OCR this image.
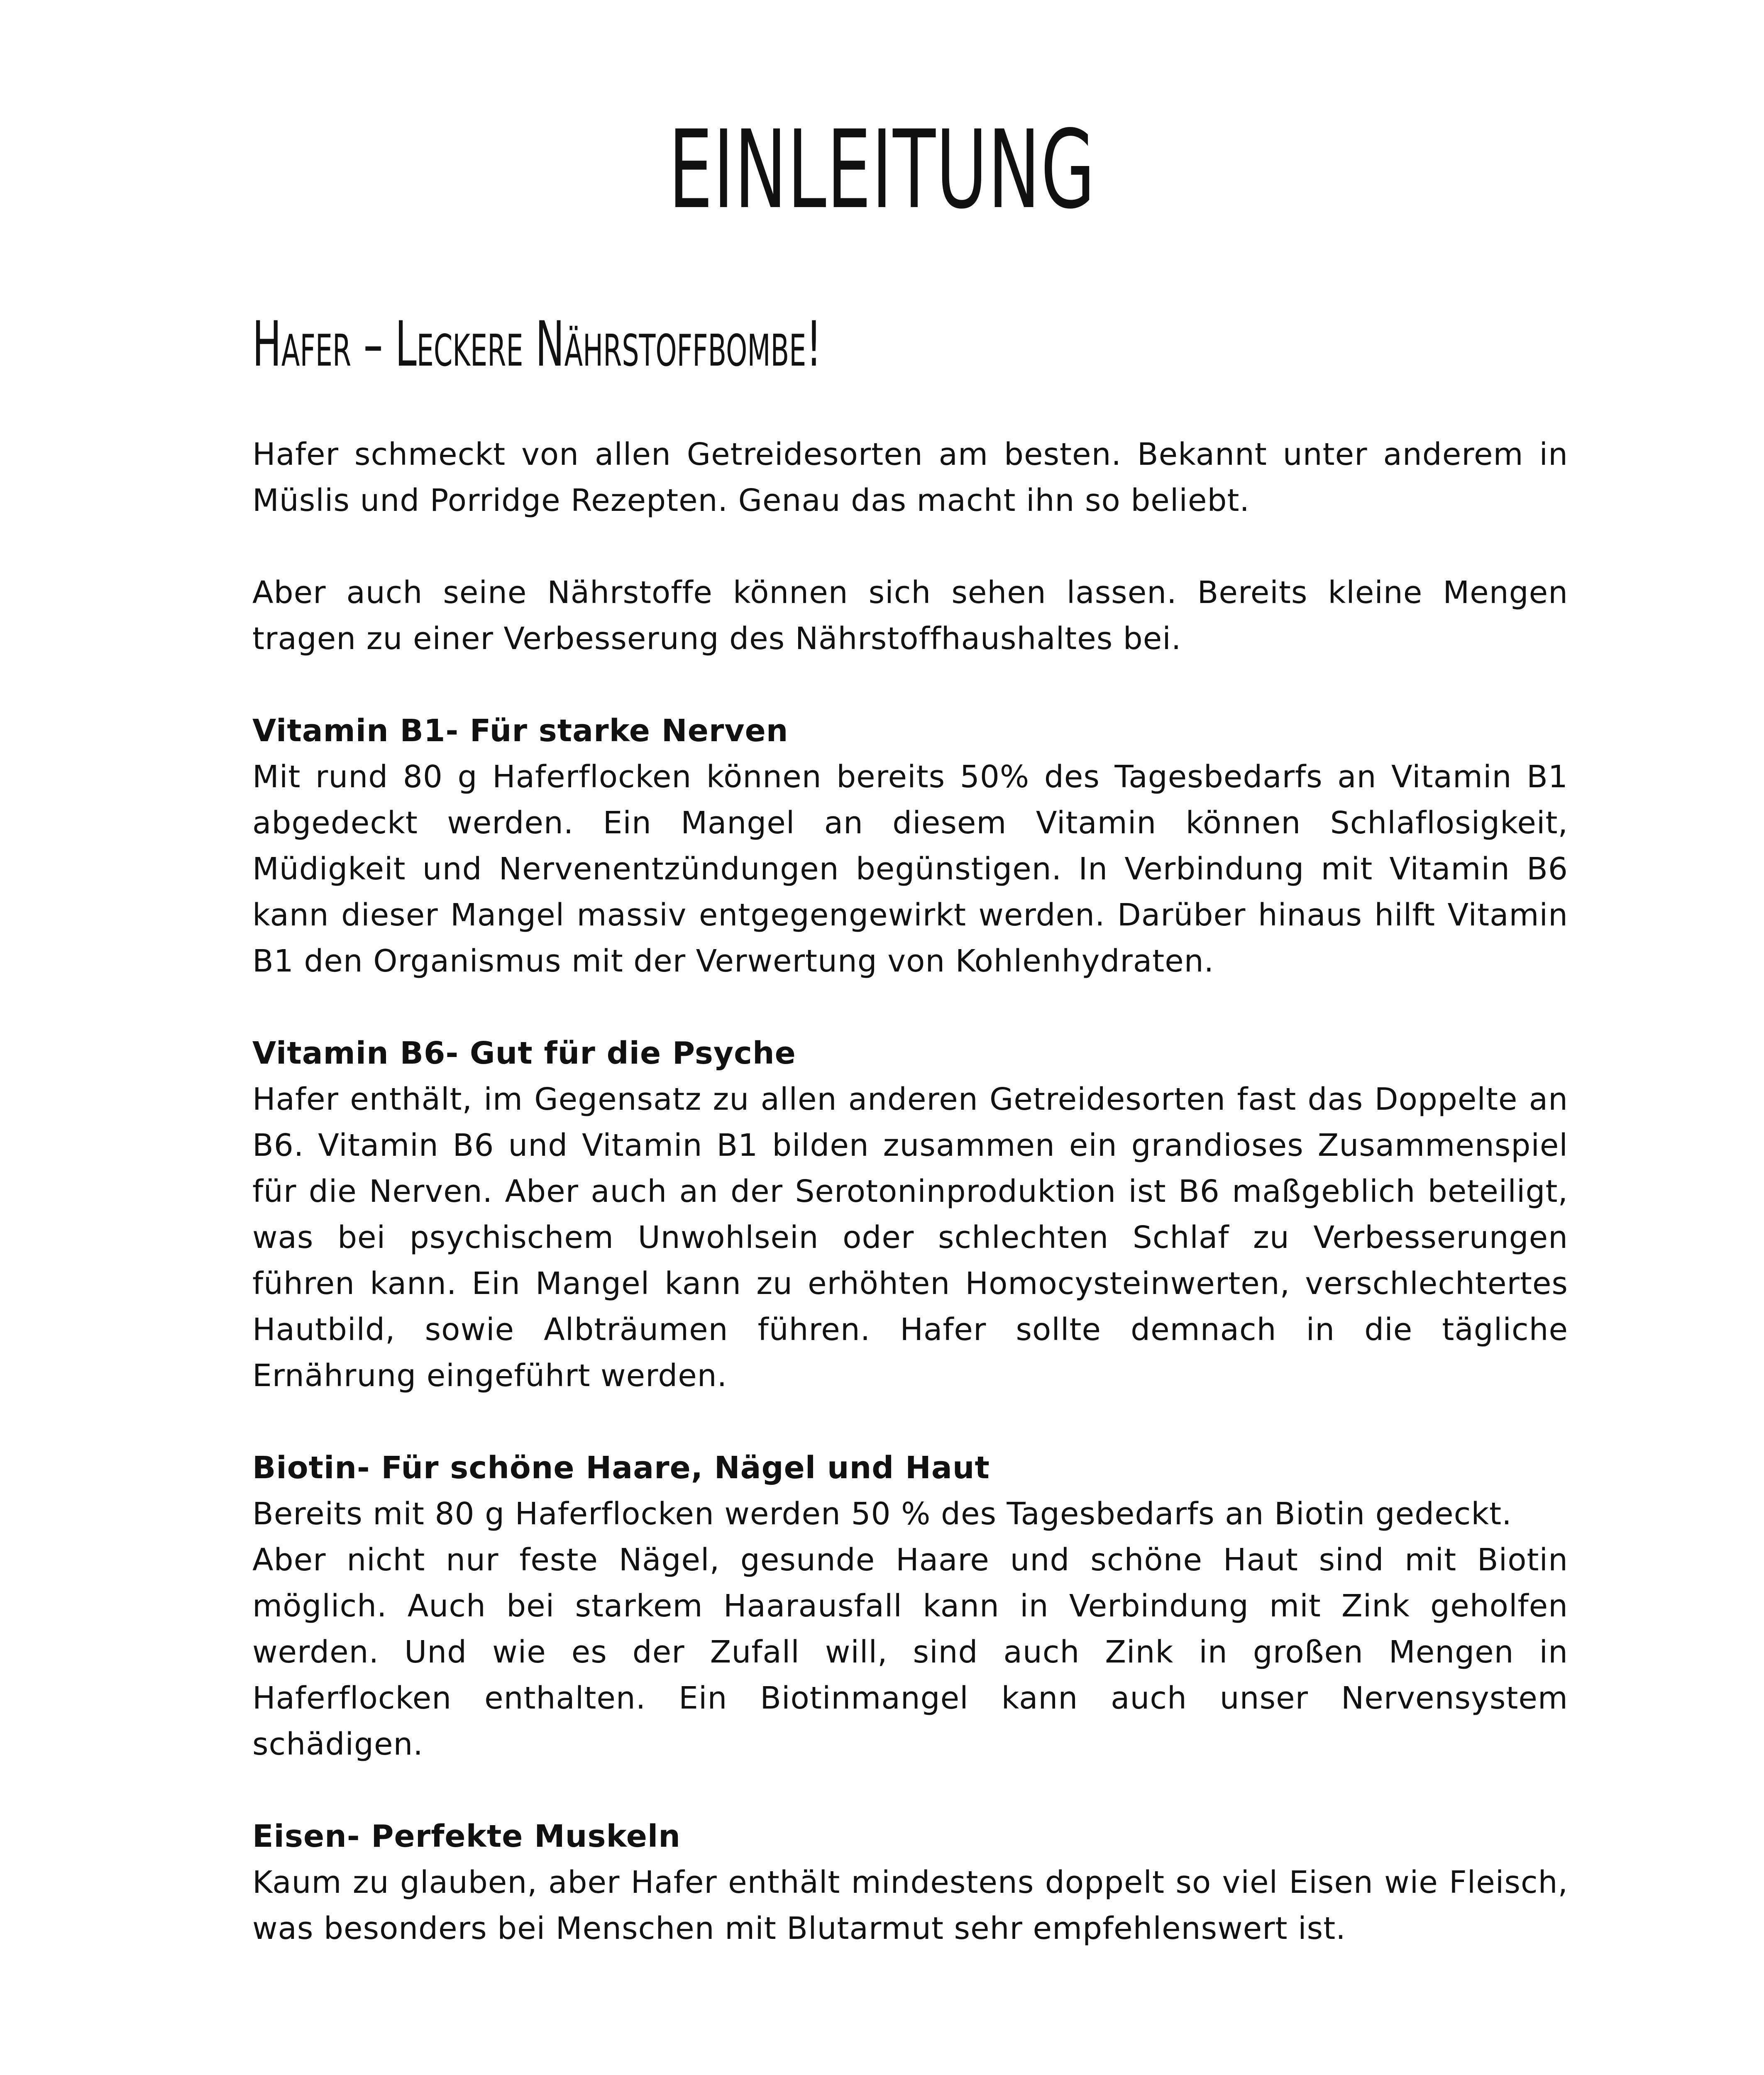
EINLEITUNG
Hafer – Leckere Nährstoffbombe!

Hafer schmeckt von allen Getreidesorten am besten. Bekannt unter anderem in Müslis und Porridge Rezepten. Genau das macht ihn so beliebt.

Aber auch seine Nährstoffe können sich sehen lassen. Bereits kleine Mengen tragen zu einer Verbesserung des Nährstoffhaushaltes bei.

Vitamin B1- Für starke Nerven
Mit rund 80 g Haferflocken können bereits 50% des Tagesbedarfs an Vitamin B1 abgedeckt werden. Ein Mangel an diesem Vitamin können Schlaflosigkeit, Müdigkeit und Nervenentzündungen begünstigen. In Verbindung mit Vitamin B6 kann dieser Mangel massiv entgegengewirkt werden. Darüber hinaus hilft Vitamin B1 den Organismus mit der Verwertung von Kohlenhydraten.
Vitamin B6- Gut für die Psyche
Hafer enthält, im Gegensatz zu allen anderen Getreidesorten fast das Doppelte an B6. Vitamin B6 und Vitamin B1 bilden zusammen ein grandioses Zusammenspiel für die Nerven. Aber auch an der Serotoninproduktion ist B6 maßgeblich beteiligt, was bei psychischem Unwohlsein oder schlechten Schlaf zu Verbesserungen führen kann. Ein Mangel kann zu erhöhten Homocysteinwerten, verschlechtertes Hautbild, sowie Albträumen führen. Hafer sollte demnach in die tägliche Ernährung eingeführt werden.
Biotin- Für schöne Haare, Nägel und Haut
Bereits mit 80 g Haferflocken werden 50 % des Tagesbedarfs an Biotin gedeckt.
Aber nicht nur feste Nägel, gesunde Haare und schöne Haut sind mit Biotin möglich. Auch bei starkem Haarausfall kann in Verbindung mit Zink geholfen werden. Und wie es der Zufall will, sind auch Zink in großen Mengen in Haferflocken enthalten. Ein Biotinmangel kann auch unser Nervensystem schädigen.
Eisen- Perfekte Muskeln
Kaum zu glauben, aber Hafer enthält mindestens doppelt so viel Eisen wie Fleisch, was besonders bei Menschen mit Blutarmut sehr empfehlenswert ist.
